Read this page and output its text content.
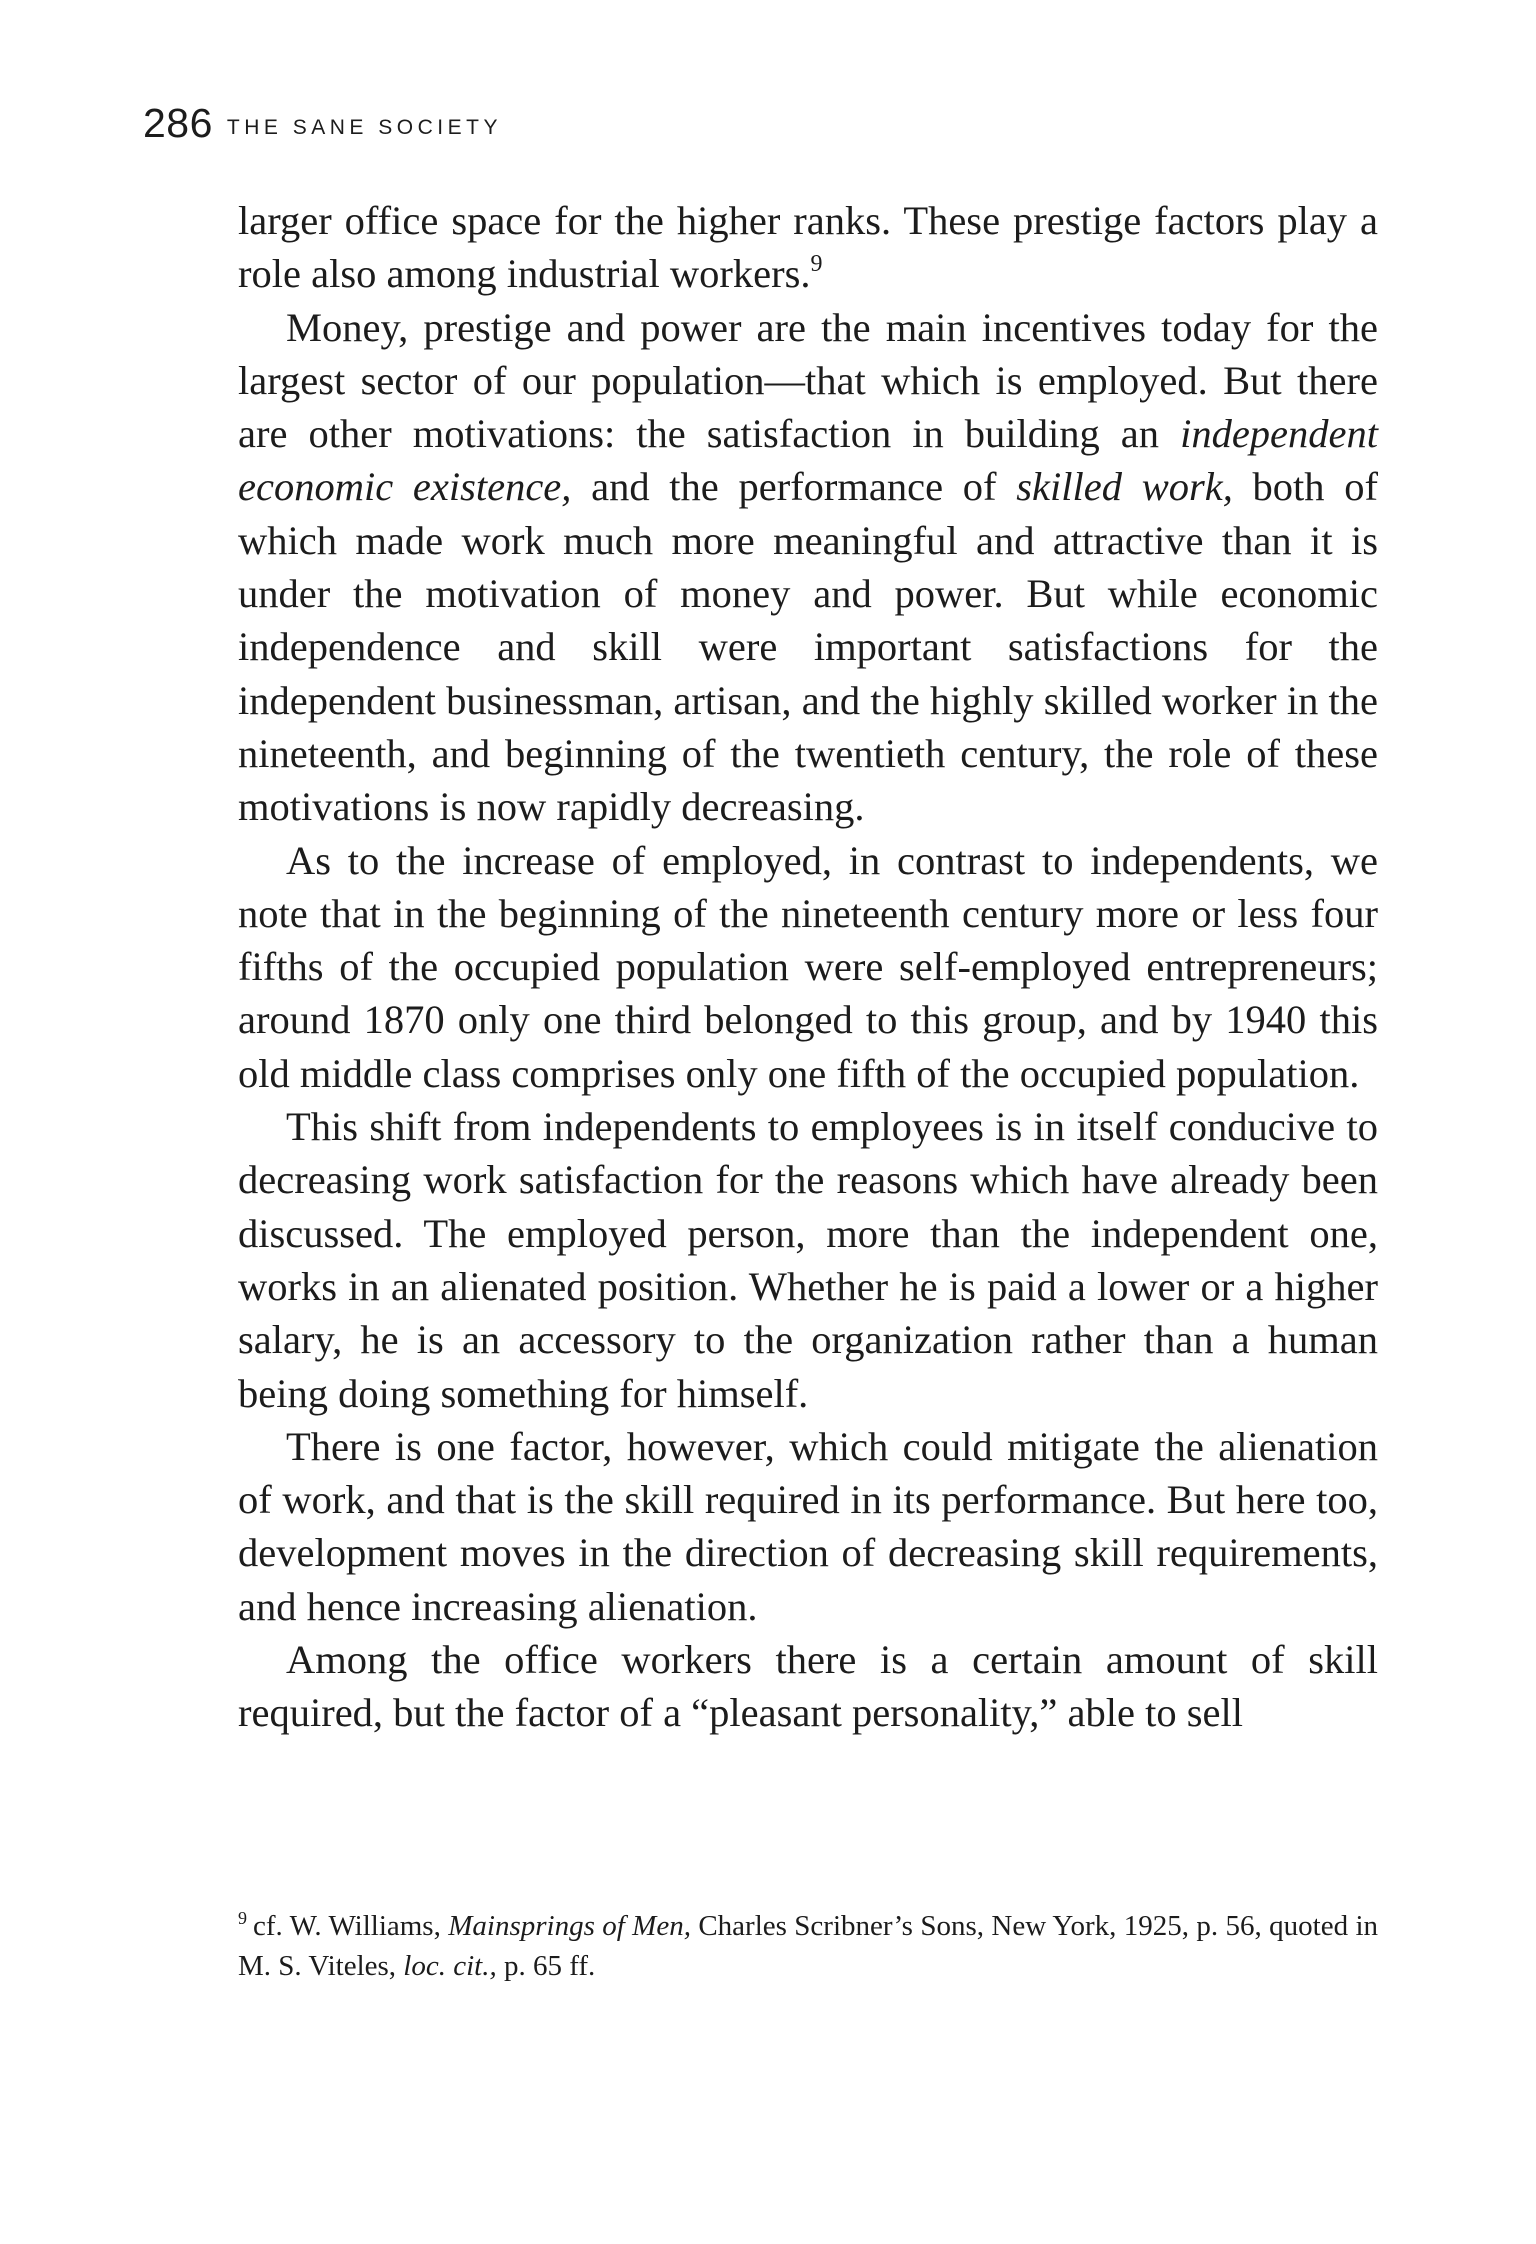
286 THE SANE SOCIETY

larger office space for the higher ranks. These prestige factors play a role also among industrial workers.$^9$

Money, prestige and power are the main incentives today for the largest sector of our population—that which is employed. But there are other motivations: the satisfaction in building an independent economic existence, and the performance of skilled work, both of which made work much more meaningful and attractive than it is under the motivation of money and power. But while economic independence and skill were important satisfactions for the independent businessman, artisan, and the highly skilled worker in the nineteenth, and beginning of the twentieth century, the role of these motivations is now rapidly decreasing.

As to the increase of employed, in contrast to independents, we note that in the beginning of the nineteenth century more or less four fifths of the occupied population were self-employed entrepreneurs; around 1870 only one third belonged to this group, and by 1940 this old middle class comprises only one fifth of the occupied population.

This shift from independents to employees is in itself conducive to decreasing work satisfaction for the reasons which have already been discussed. The employed person, more than the independent one, works in an alienated position. Whether he is paid a lower or a higher salary, he is an accessory to the organization rather than a human being doing something for himself.

There is one factor, however, which could mitigate the alienation of work, and that is the skill required in its performance. But here too, development moves in the direction of decreasing skill requirements, and hence increasing alienation.

Among the office workers there is a certain amount of skill required, but the factor of a “pleasant personality,” able to sell

$^9$ cf. W. Williams, Mainsprings of Men, Charles Scribner’s Sons, New York, 1925, p. 56, quoted in M. S. Viteles, loc. cit., p. 65 ff.
